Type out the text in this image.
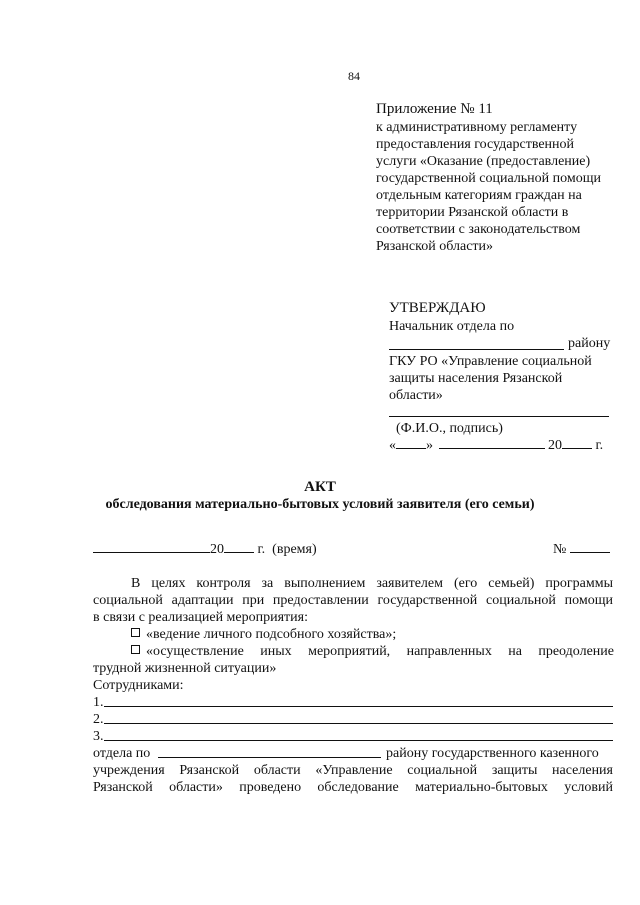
84
Приложение № 11
к административному регламенту
предоставления государственной
услуги «Оказание (предоставление)
государственной социальной помощи
отдельным категориям граждан на
территории Рязанской области в
соответствии с законодательством
Рязанской области»
УТВЕРЖДАЮ
Начальник отдела по
району
ГКУ РО «Управление социальной
защиты населения Рязанской
области»
(Ф.И.О., подпись)
« »	20 г.
АКТ
обследования материально-бытовых условий заявителя (его семьи)
20 г. (время)	№
В целях контроля за выполнением заявителем (его семьей) программы
социальной адаптации при предоставлении государственной социальной помощи
в связи с реализацией мероприятия:
«ведение личного подсобного хозяйства»;
«осуществление иных мероприятий, направленных на преодоление
трудной жизненной ситуации»
Сотрудниками:
1.
2.
3.
отдела по	району государственного казенного
учреждения Рязанской области «Управление социальной защиты населения
Рязанской области» проведено обследование материально-бытовых условий
